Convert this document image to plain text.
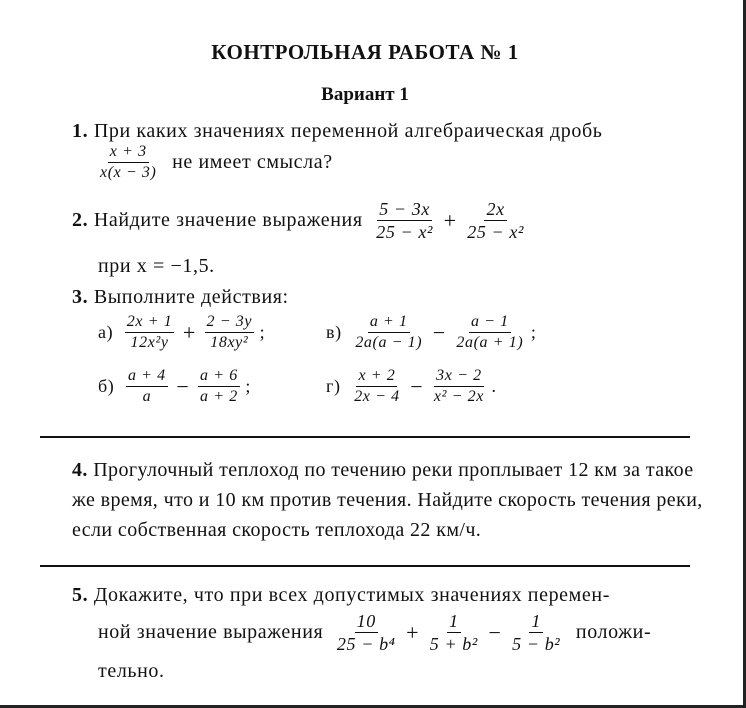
КОНТРОЛЬНАЯ РАБОТА № 1
Вариант 1
1. При каких значениях переменной алгебраическая дробь
$\frac{x + 3}{x(x - 3)}$ не имеет смысла?
2. Найдите значение выражения $\frac{5 - 3x}{\text{25 − x²}} + \frac{2x}{\text{25 − x²}}$
при x = −1,5.
3. Выполните действия:
$а) \frac{2x + 1}{\text{12x²y}} + \frac{2 - 3y}{\text{18xy²}}$ ;	$в) \frac{a + 1}{2a(a - 1)} - \frac{a - 1}{2a(a + 1)}$ ;
$б) \frac{a + 4}{a} - \frac{a + 6}{a + 2}$ ;	$г) \frac{x + 2}{2x - 4} - \frac{3x - 2}{\text{x² − 2x}}$ .
4. Прогулочный теплоход по течению реки проплывает 12 км за такое же время, что и 10 км против течения. Найдите скорость течения реки, если собственная скорость теплохода 22 км/ч.
5. Докажите, что при всех допустимых значениях перемен-
ной значение выражения $\frac{10}{\text{25 − b⁴}} + \frac{1}{\text{5 + b²}} - \frac{1}{\text{5 − b²}}$ положи-
тельно.
